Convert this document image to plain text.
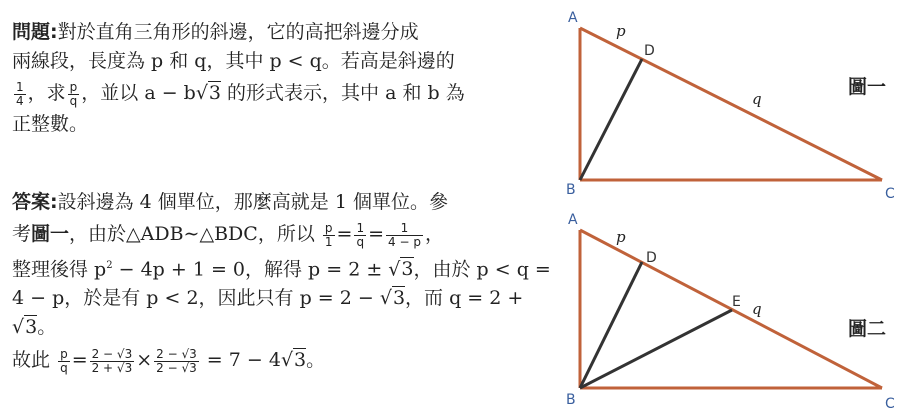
問題:對於直角三角形的斜邊，它的高把斜邊分成

兩線段，長度為 p 和 q，其中 p < q。若高是斜邊的

$\frac{1}{4}$ ，求 $\frac{p}{q}$ ，並以 a − b√3 的形式表示，其中 a 和 b 為

正整數。

答案:設斜邊為 4 個單位，那麼高就是 1 個單位。參

考圖一，由於△ADB∼△BDC，所以 $\frac{p}{1} = \frac{1}{q} = \frac{1}{4 - p}$ ，

整理後得 $p^2 - 4p + 1 = 0$，解得 p = 2 ± √3，由於 p < q =

4 − p，於是有 p < 2，因此只有 p = 2 − √3，而 q = 2 +

√3。

故此 $\frac{p}{q} = \frac{2 - √3}{2 + √3} \times \frac{2 - √3}{2 - √3} = 7 - 4√3$。

A
B	C
D
p
q
圖一
A
B	C
D
E
p
q
圖二
